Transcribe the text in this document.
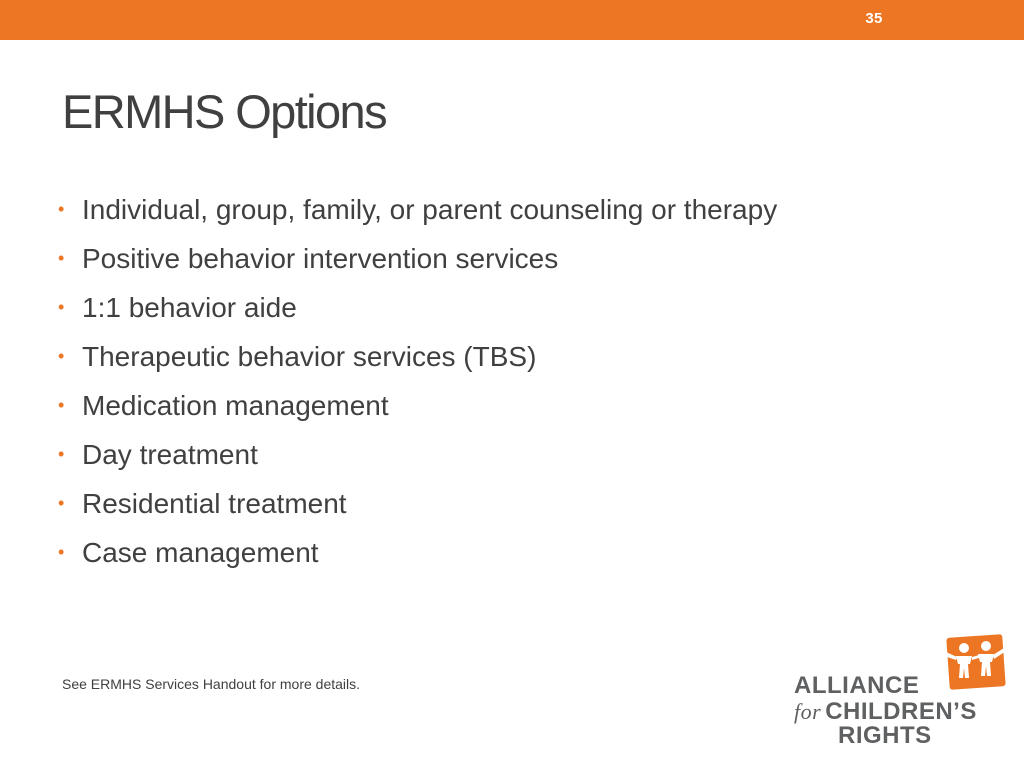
35
ERMHS Options
• Individual, group, family, or parent counseling or therapy
• Positive behavior intervention services
• 1:1 behavior aide
• Therapeutic behavior services (TBS)
• Medication management
• Day treatment
• Residential treatment
• Case management
See ERMHS Services Handout for more details.	ALLIANCE
for CHILDREN’S
RIGHTS
